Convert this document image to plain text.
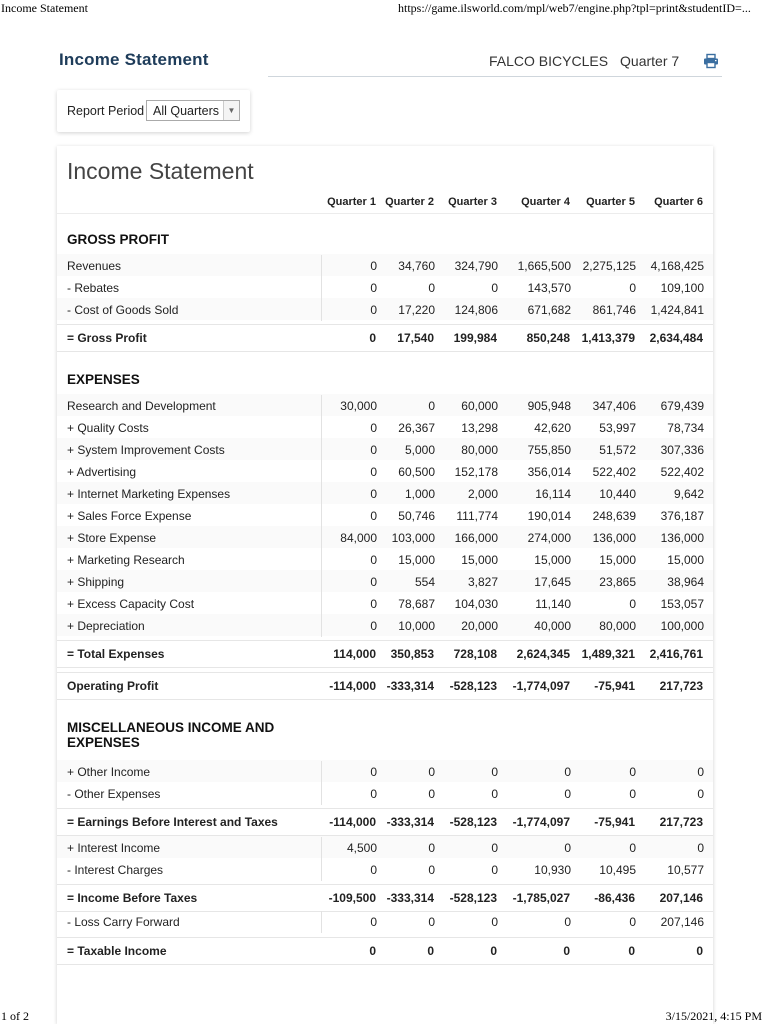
Income Statement	https://game.ilsworld.com/mpl/web7/engine.php?tpl=print&studentID=...
Income Statement	FALCO BICYCLES Quarter 7
Report Period All Quarters	▼
Income Statement
Quarter 1 Quarter 2 Quarter 3 Quarter 4 Quarter 5 Quarter 6
GROSS PROFIT
Revenues	0 34,760 324,790 1,665,500 2,275,125 4,168,425
- Rebates	0	0	0 143,570	0 109,100
- Cost of Goods Sold	0 17,220 124,806 671,682 861,746 1,424,841
= Gross Profit	0 17,540 199,984 850,248 1,413,379 2,634,484
EXPENSES
Research and Development	30,000	0 60,000 905,948 347,406 679,439
+ Quality Costs	0 26,367 13,298	42,620 53,997	78,734
+ System Improvement Costs	0 5,000 80,000 755,850 51,572 307,336
+ Advertising	0 60,500 152,178 356,014 522,402 522,402
+ Internet Marketing Expenses	0 1,000	2,000	16,114 10,440	9,642
+ Sales Force Expense	0 50,746 111,774 190,014 248,639 376,187
+ Store Expense	84,000 103,000 166,000 274,000 136,000 136,000
+ Marketing Research	0 15,000 15,000	15,000 15,000	15,000
+ Shipping	0	554	3,827	17,645 23,865	38,964
+ Excess Capacity Cost	0 78,687 104,030	11,140	0 153,057
+ Depreciation	0 10,000 20,000	40,000 80,000 100,000
= Total Expenses	114,000 350,853 728,108 2,624,345 1,489,321 2,416,761
Operating Profit	-114,000 -333,314 -528,123 -1,774,097 -75,941 217,723
MISCELLANEOUS INCOME AND EXPENSES
+ Other Income	0	0	0	0	0	0
- Other Expenses	0	0	0	0	0	0
= Earnings Before Interest and Taxes	-114,000 -333,314 -528,123 -1,774,097 -75,941 217,723
+ Interest Income	4,500	0	0	0	0	0
- Interest Charges	0	0	0	10,930 10,495	10,577
= Income Before Taxes	-109,500 -333,314 -528,123 -1,785,027 -86,436 207,146
- Loss Carry Forward	0	0	0	0	0 207,146
= Taxable Income	0	0	0	0	0	0
1 of 2	3/15/2021, 4:15 PM
